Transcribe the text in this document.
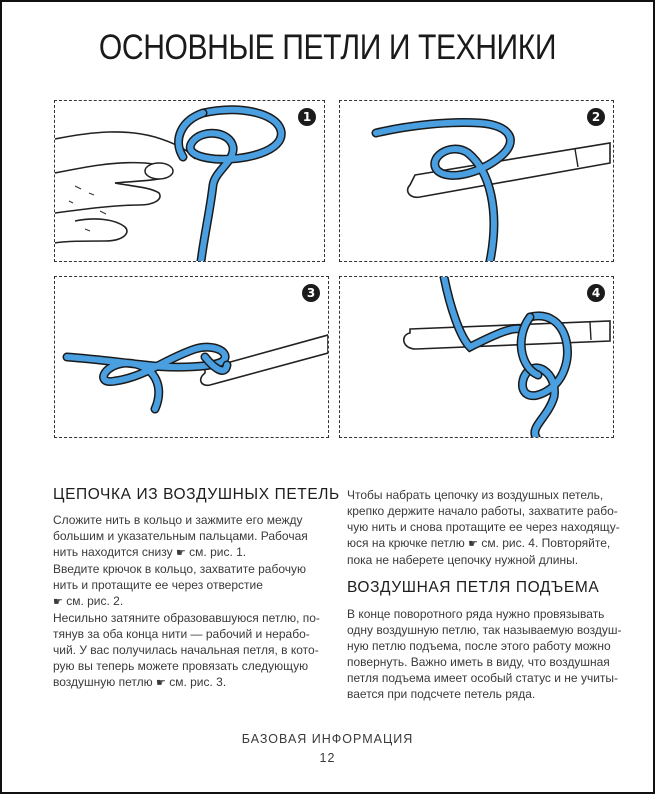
ОСНОВНЫЕ ПЕТЛИ И ТЕХНИКИ
1	2
3	4
ЦЕПОЧКА ИЗ ВОЗДУШНЫХ ПЕТЕЛЬ
Сложите нить в кольцо и зажмите его между
большим и указательным пальцами. Рабочая
нить находится снизу ☛ см. рис. 1.
Введите крючок в кольцо, захватите рабочую
нить и протащите ее через отверстие
☛ см. рис. 2.
Несильно затяните образовавшуюся петлю, по-
тянув за оба конца нити — рабочий и нерабо-
чий. У вас получилась начальная петля, в кото-
рую вы теперь можете провязать следующую
воздушную петлю ☛ см. рис. 3.
Чтобы набрать цепочку из воздушных петель,
крепко держите начало работы, захватите рабо-
чую нить и снова протащите ее через находящу-
юся на крючке петлю ☛ см. рис. 4. Повторяйте,
пока не наберете цепочку нужной длины.
ВОЗДУШНАЯ ПЕТЛЯ ПОДЪЕМА
В конце поворотного ряда нужно провязывать
одну воздушную петлю, так называемую воздуш-
ную петлю подъема, после этого работу можно
повернуть. Важно иметь в виду, что воздушная
петля подъема имеет особый статус и не учиты-
вается при подсчете петель ряда.
БАЗОВАЯ ИНФОРМАЦИЯ
12
